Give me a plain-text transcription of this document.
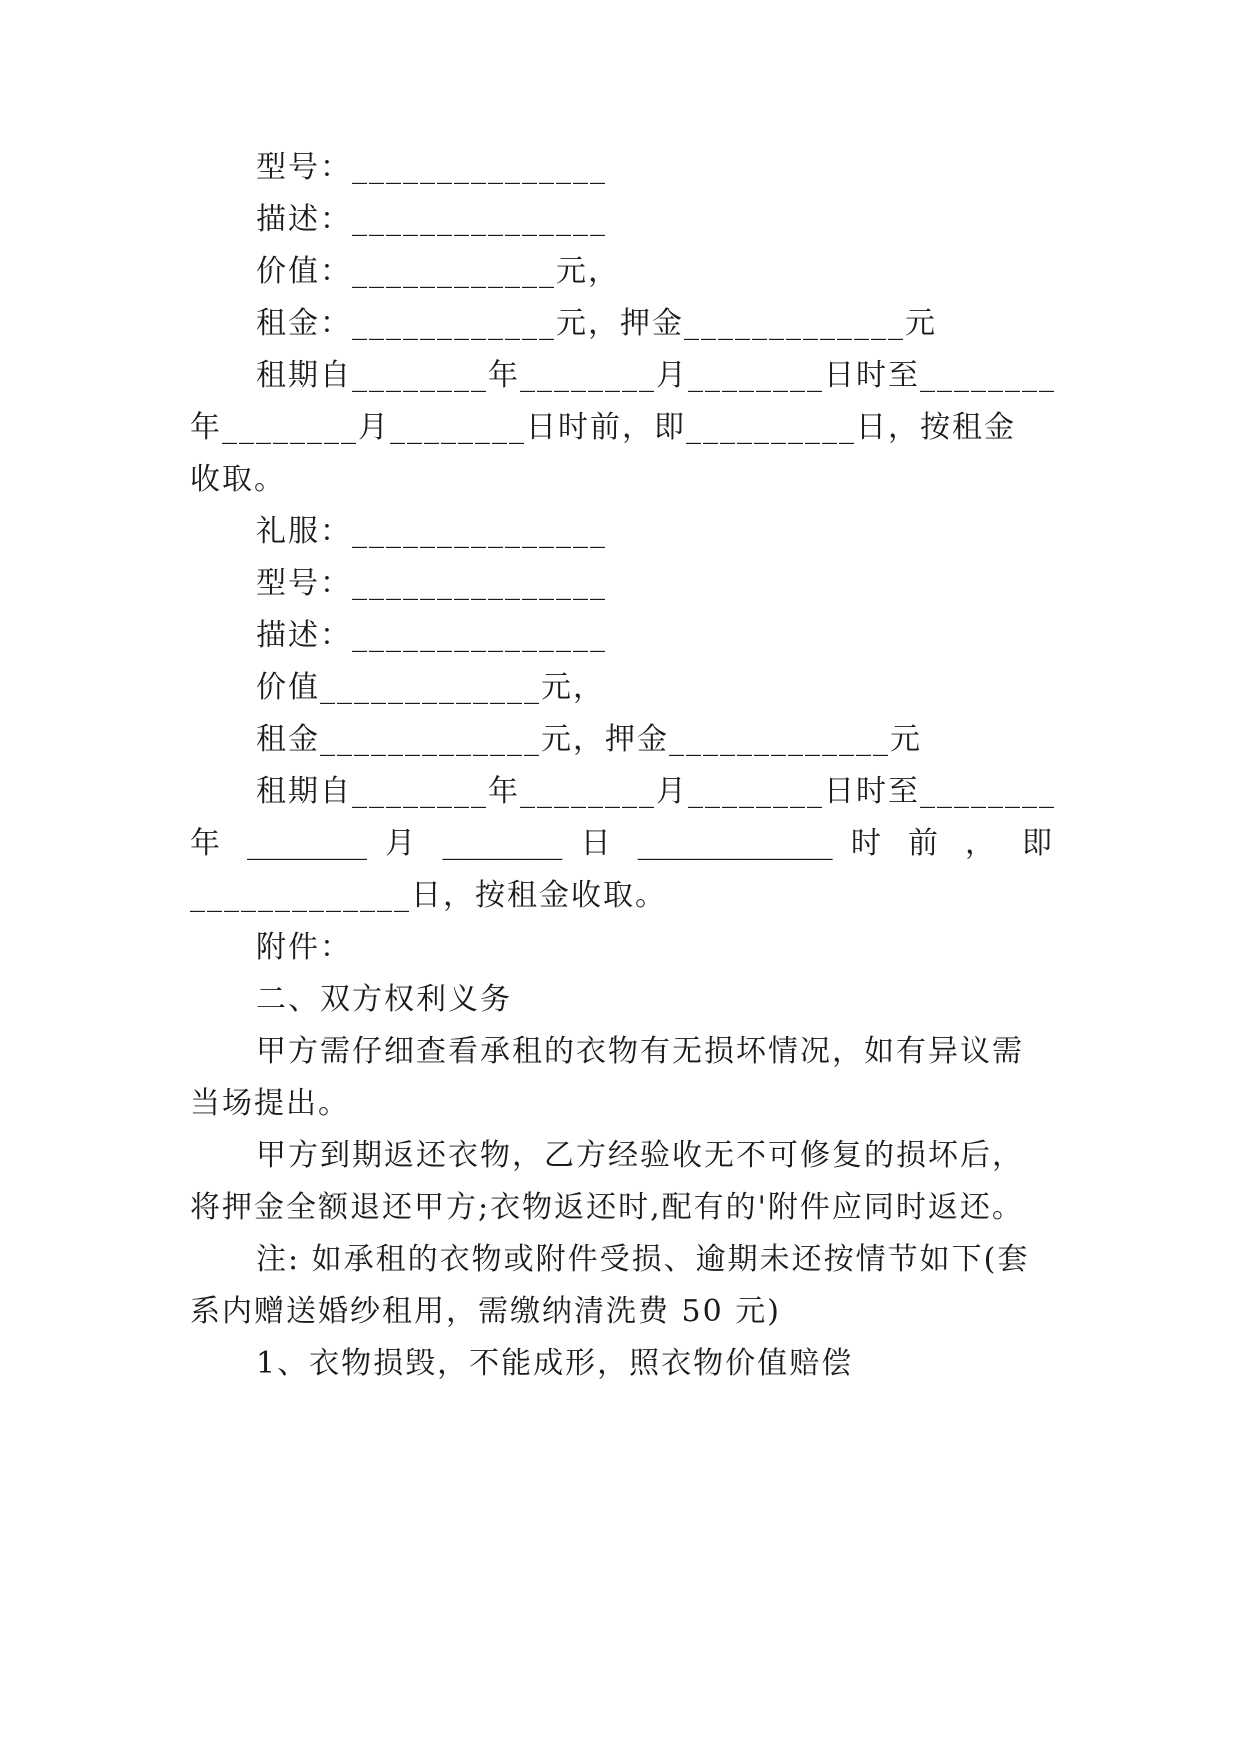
型号：_______________
描述：_______________
价值：____________元，
租金：____________元，押金_____________元
租期自________年________月________日时至________
年________月________日时前，即__________日，按租金
收取。
礼服：_______________
型号：_______________
描述：_______________
价值_____________元，
租金_____________元，押金_____________元
租期自________年________月________日时至________
年 ________ 月 ________ 日 _____________ 时 前 ， 即
_____________日，按租金收取。
附件：
二、双方权利义务
甲方需仔细查看承租的衣物有无损坏情况，如有异议需
当场提出。
甲方到期返还衣物，乙方经验收无不可修复的损坏后，
将押金全额退还甲方;衣物返还时,配有的'附件应同时返还。
注: 如承租的衣物或附件受损、逾期未还按情节如下(套
系内赠送婚纱租用，需缴纳清洗费 50 元)
1、衣物损毁，不能成形，照衣物价值赔偿
